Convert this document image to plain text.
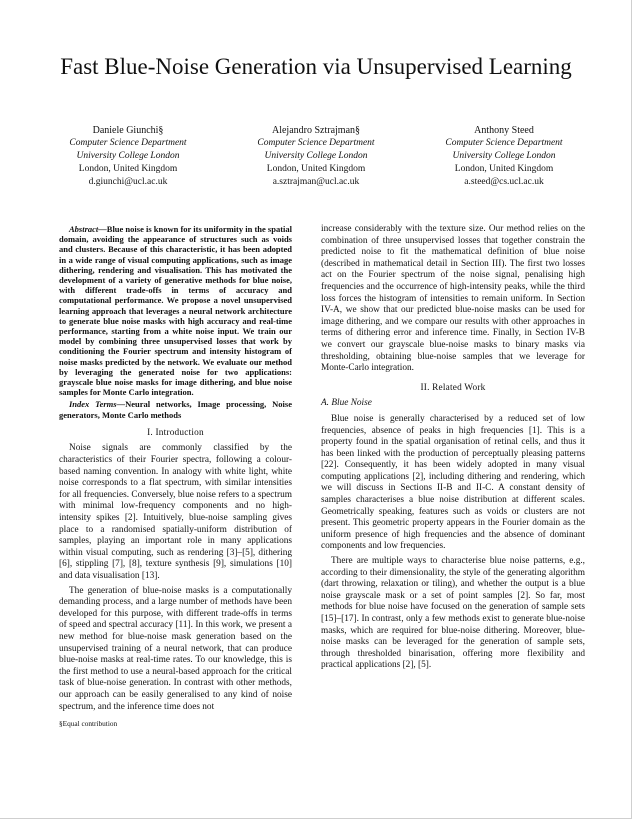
Fast Blue-Noise Generation via Unsupervised Learning
Daniele Giunchi§
Computer Science Department
University College London
London, United Kingdom
d.giunchi@ucl.ac.uk
Alejandro Sztrajman§
Computer Science Department
University College London
London, United Kingdom
a.sztrajman@ucl.ac.uk
Anthony Steed
Computer Science Department
University College London
London, United Kingdom
a.steed@cs.ucl.ac.uk

Abstract—Blue noise is known for its uniformity in the spatial domain, avoiding the appearance of structures such as voids and clusters. Because of this characteristic, it has been adopted in a wide range of visual computing applications, such as image dithering, rendering and visualisation. This has motivated the development of a variety of generative methods for blue noise, with different trade-offs in terms of accuracy and computational performance. We propose a novel unsupervised learning approach that leverages a neural network architecture to generate blue noise masks with high accuracy and real-time performance, starting from a white noise input. We train our model by combining three unsupervised losses that work by conditioning the Fourier spectrum and intensity histogram of noise masks predicted by the network. We evaluate our method by leveraging the generated noise for two applications: grayscale blue noise masks for image dithering, and blue noise samples for Monte Carlo integration.

Index Terms—Neural networks, Image processing, Noise generators, Monte Carlo methods

I. Introduction

Noise signals are commonly classified by the characteristics of their Fourier spectra, following a colour-based naming convention. In analogy with white light, white noise corresponds to a flat spectrum, with similar intensities for all frequencies. Conversely, blue noise refers to a spectrum with minimal low-frequency components and no high-intensity spikes [2]. Intuitively, blue-noise sampling gives place to a randomised spatially-uniform distribution of samples, playing an important role in many applications within visual computing, such as rendering [3]–[5], dithering [6], stippling [7], [8], texture synthesis [9], simulations [10] and data visualisation [13].

The generation of blue-noise masks is a computationally demanding process, and a large number of methods have been developed for this purpose, with different trade-offs in terms of speed and spectral accuracy [11]. In this work, we present a new method for blue-noise mask generation based on the unsupervised training of a neural network, that can produce blue-noise masks at real-time rates. To our knowledge, this is the first method to use a neural-based approach for the critical task of blue-noise generation. In contrast with other methods, our approach can be easily generalised to any kind of noise spectrum, and the inference time does not

§Equal contribution

increase considerably with the texture size. Our method relies on the combination of three unsupervised losses that together constrain the predicted noise to fit the mathematical definition of blue noise (described in mathematical detail in Section III). The first two losses act on the Fourier spectrum of the noise signal, penalising high frequencies and the occurrence of high-intensity peaks, while the third loss forces the histogram of intensities to remain uniform. In Section IV-A, we show that our predicted blue-noise masks can be used for image dithering, and we compare our results with other approaches in terms of dithering error and inference time. Finally, in Section IV-B we convert our grayscale blue-noise masks to binary masks via thresholding, obtaining blue-noise samples that we leverage for Monte-Carlo integration.

II. Related Work
A. Blue Noise

Blue noise is generally characterised by a reduced set of low frequencies, absence of peaks in high frequencies [1]. This is a property found in the spatial organisation of retinal cells, and thus it has been linked with the production of perceptually pleasing patterns [22]. Consequently, it has been widely adopted in many visual computing applications [2], including dithering and rendering, which we will discuss in Sections II-B and II-C. A constant density of samples characterises a blue noise distribution at different scales. Geometrically speaking, features such as voids or clusters are not present. This geometric property appears in the Fourier domain as the uniform presence of high frequencies and the absence of dominant components and low frequencies.

There are multiple ways to characterise blue noise patterns, e.g., according to their dimensionality, the style of the generating algorithm (dart throwing, relaxation or tiling), and whether the output is a blue noise grayscale mask or a set of point samples [2]. So far, most methods for blue noise have focused on the generation of sample sets [15]–[17]. In contrast, only a few methods exist to generate blue-noise masks, which are required for blue-noise dithering. Moreover, blue-noise masks can be leveraged for the generation of sample sets, through thresholded binarisation, offering more flexibility and practical applications [2], [5].
